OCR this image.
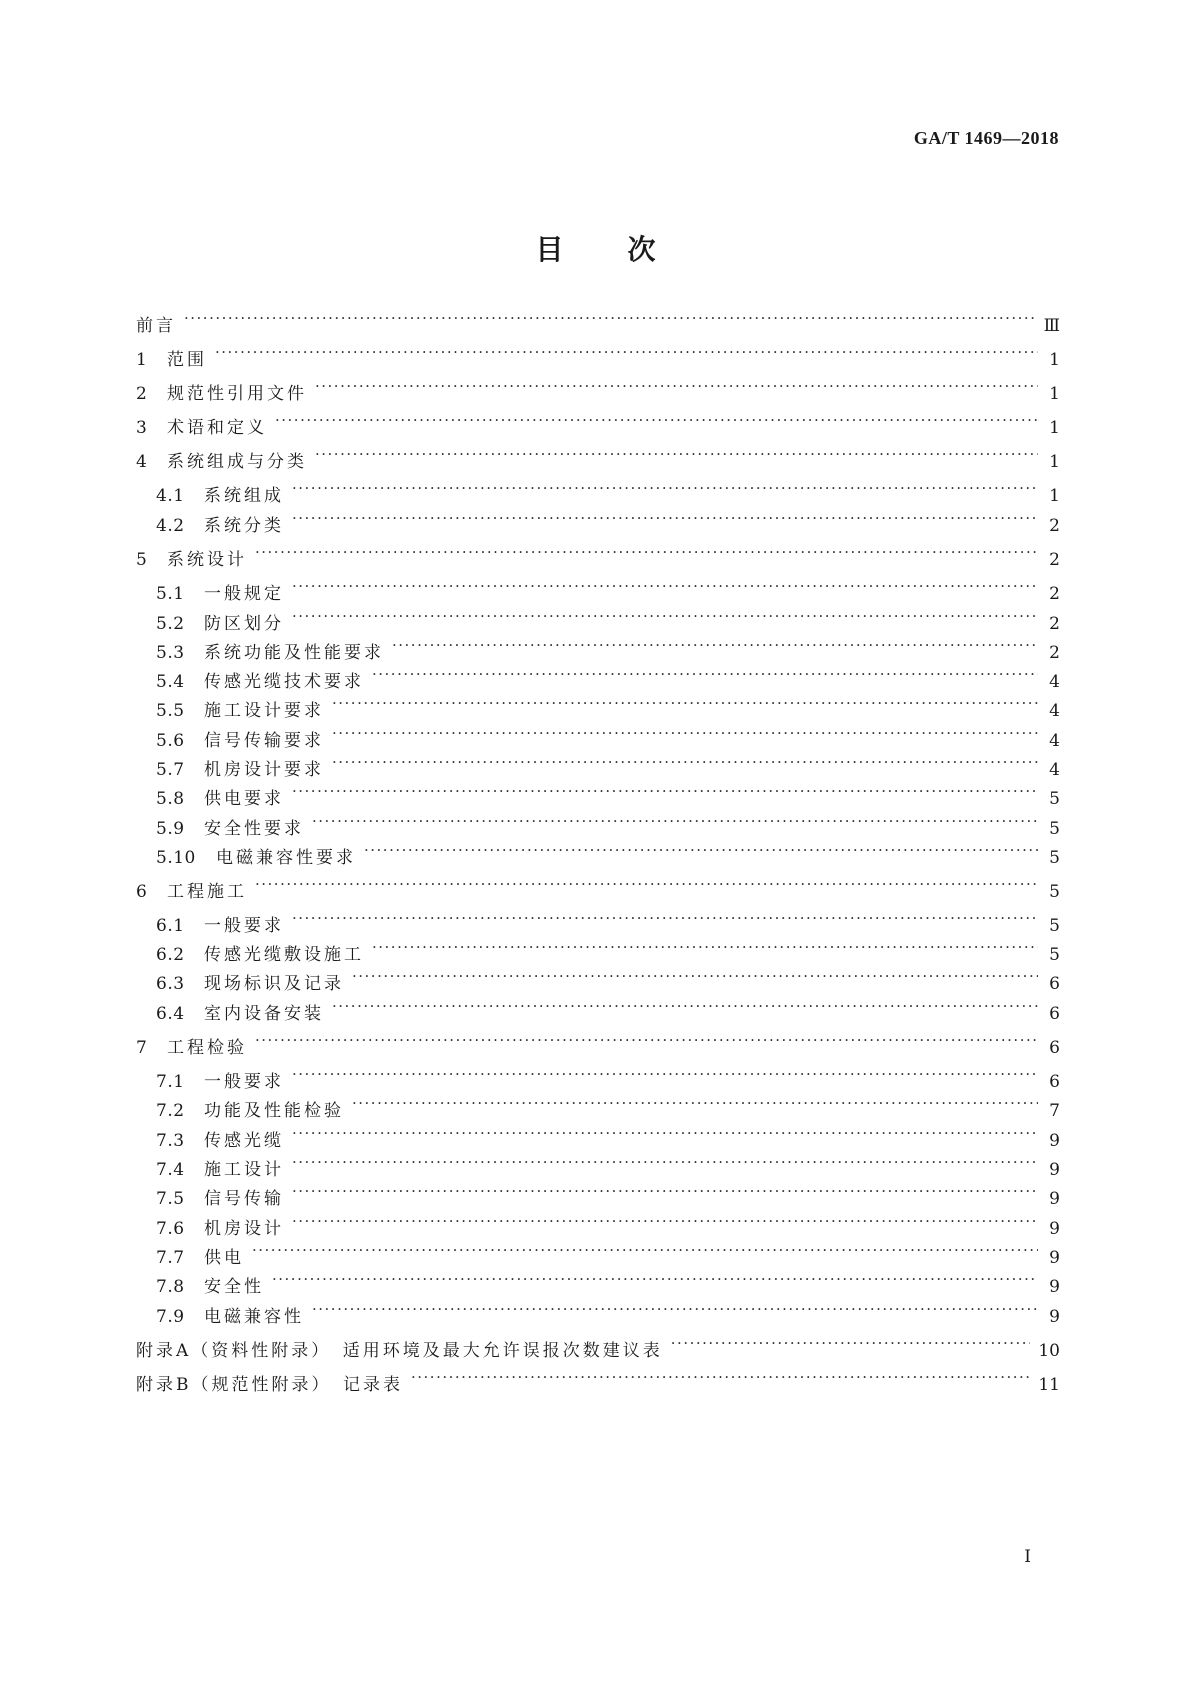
GA/T 1469—2018
目 次
前言 ·····	Ⅲ
1	范围 ·····	1
2	规范性引用文件 ·····	1
3	术语和定义 ·····	1
4	系统组成与分类 ·····	1
4.1	系统组成 ·····	1
4.2	系统分类 ·····	2
5	系统设计 ·····	2
5.1	一般规定 ·····	2
5.2	防区划分 ·····	2
5.3	系统功能及性能要求 ·····	2
5.4	传感光缆技术要求 ·····	4
5.5	施工设计要求 ·····	4
5.6	信号传输要求 ·····	4
5.7	机房设计要求 ·····	4
5.8	供电要求 ·····	5
5.9	安全性要求 ·····	5
5.10	电磁兼容性要求 ·····	5
6	工程施工 ·····	5
6.1	一般要求 ·····	5
6.2	传感光缆敷设施工 ·····	5
6.3	现场标识及记录 ·····	6
6.4	室内设备安装 ·····	6
7	工程检验 ·····	6
7.1	一般要求 ·····	6
7.2	功能及性能检验 ·····	7
7.3	传感光缆 ·····	9
7.4	施工设计 ·····	9
7.5	信号传输 ·····	9
7.6	机房设计 ·····	9
7.7	供电 ·····	9
7.8	安全性 ·····	9
7.9	电磁兼容性 ·····	9
附录A（资料性附录）　适用环境及最大允许误报次数建议表 ·····	10
附录B（规范性附录）　记录表 ·····	11
I
